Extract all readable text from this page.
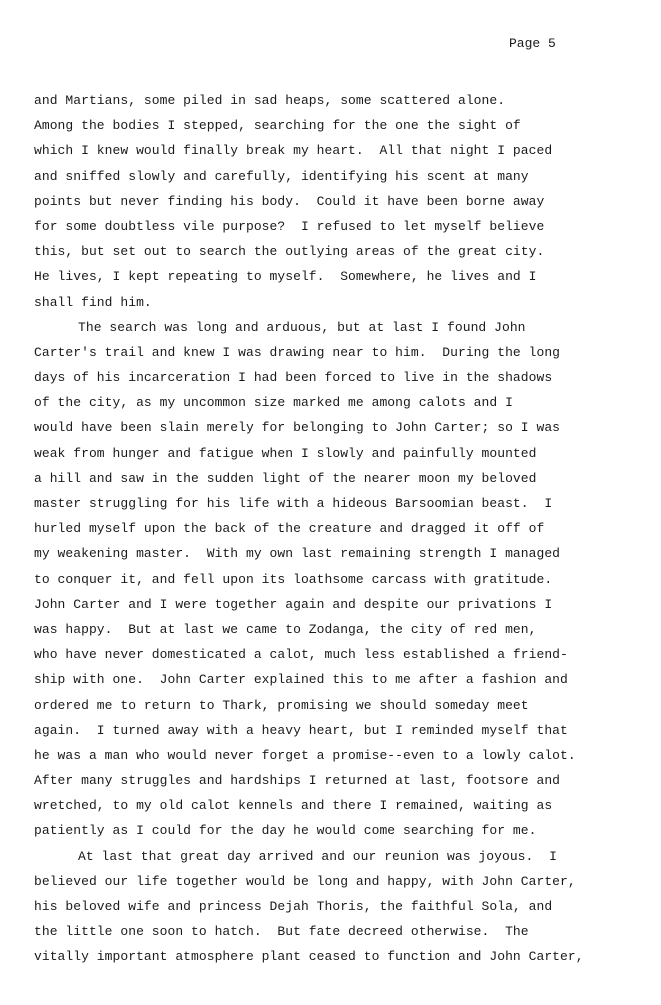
Page 5
and Martians, some piled in sad heaps, some scattered alone.
Among the bodies I stepped, searching for the one the sight of
which I knew would finally break my heart.  All that night I paced
and sniffed slowly and carefully, identifying his scent at many
points but never finding his body.  Could it have been borne away
for some doubtless vile purpose?  I refused to let myself believe
this, but set out to search the outlying areas of the great city.
He lives, I kept repeating to myself.  Somewhere, he lives and I
shall find him.
The search was long and arduous, but at last I found John
Carter's trail and knew I was drawing near to him.  During the long
days of his incarceration I had been forced to live in the shadows
of the city, as my uncommon size marked me among calots and I
would have been slain merely for belonging to John Carter; so I was
weak from hunger and fatigue when I slowly and painfully mounted
a hill and saw in the sudden light of the nearer moon my beloved
master struggling for his life with a hideous Barsoomian beast.  I
hurled myself upon the back of the creature and dragged it off of
my weakening master.  With my own last remaining strength I managed
to conquer it, and fell upon its loathsome carcass with gratitude.
John Carter and I were together again and despite our privations I
was happy.  But at last we came to Zodanga, the city of red men,
who have never domesticated a calot, much less established a friend-
ship with one.  John Carter explained this to me after a fashion and
ordered me to return to Thark, promising we should someday meet
again.  I turned away with a heavy heart, but I reminded myself that
he was a man who would never forget a promise--even to a lowly calot.
After many struggles and hardships I returned at last, footsore and
wretched, to my old calot kennels and there I remained, waiting as
patiently as I could for the day he would come searching for me.
At last that great day arrived and our reunion was joyous.  I
believed our life together would be long and happy, with John Carter,
his beloved wife and princess Dejah Thoris, the faithful Sola, and
the little one soon to hatch.  But fate decreed otherwise.  The
vitally important atmosphere plant ceased to function and John Carter,
